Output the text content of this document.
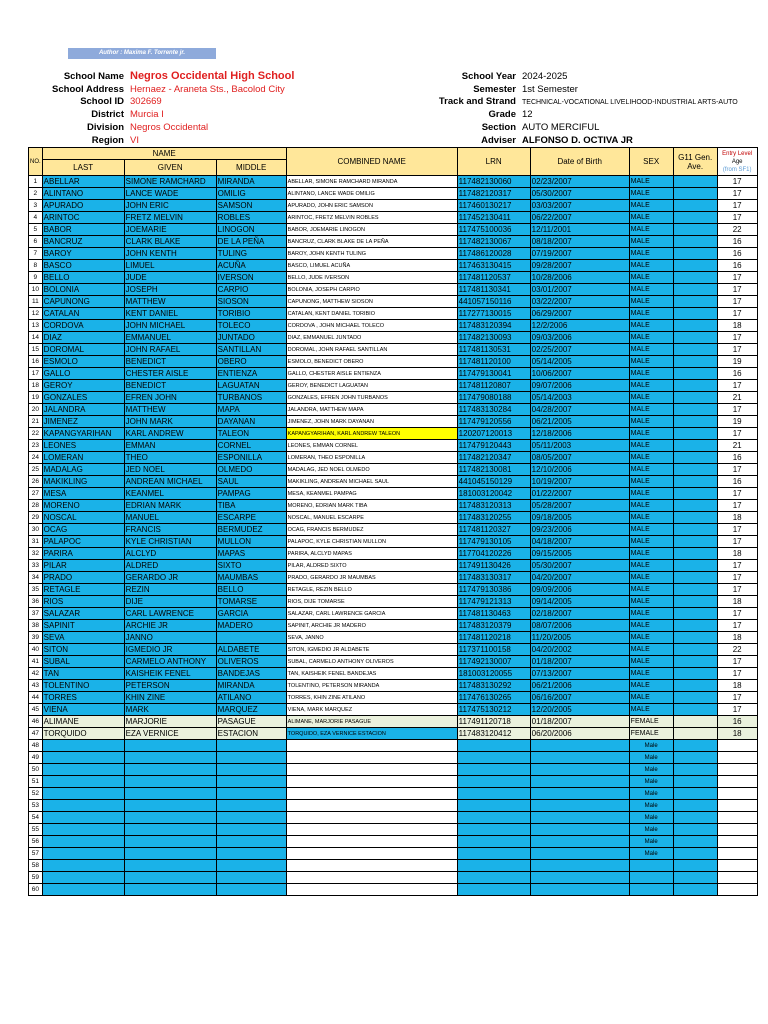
Author : Maxima F. Torrente jr.
School Name Negros Occidental High School
School Address Hernaez - Araneta Sts., Bacolod City
School ID 302669
District Murcia I
Division Negros Occidental
Region VI
School Year 2024-2025
Semester 1st Semester
Track and Strand TECHNICAL-VOCATIONAL LIVELIHOOD-INDUSTRIAL ARTS-AUTO
Grade 12
Section AUTO MERCIFUL
Adviser ALFONSO D. OCTIVA JR
NO.	NAME			COMBINED NAME	LRN	Date of Birth	SEX	G11 Gen.
Ave.	Entry Level
Age
(from SF1)
	LAST	GIVEN	MIDDLE						
1	ABELLAR	SIMONE RAMCHARD	MIRANDA	ABELLAR, SIMONE RAMCHARD MIRANDA	117482130060	02/23/2007	MALE		17
2	ALINTANO	LANCE WADE	OMILIG	ALINTANO, LANCE WADE OMILIG	117482120317	05/30/2007	MALE		17
3	APURADO	JOHN ERIC	SAMSON	APURADO, JOHN ERIC SAMSON	117460130217	03/03/2007	MALE		17
4	ARINTOC	FRETZ MELVIN	ROBLES	ARINTOC, FRETZ MELVIN ROBLES	117452130411	06/22/2007	MALE		17
5	BABOR	JOEMARIE	LINOGON	BABOR, JOEMARIE LINOGON	117475100036	12/11/2001	MALE		22
6	BANCRUZ	CLARK BLAKE	DE LA PEÑA	BANCRUZ, CLARK BLAKE DE LA PEÑA	117482130067	08/18/2007	MALE		16
7	BAROY	JOHN KENTH	TULING	BAROY, JOHN KENTH TULING	117486120028	07/19/2007	MALE		16
8	BASCO	LIMUEL	ACUÑA	BASCO, LIMUEL ACUÑA	117463130415	09/28/2007	MALE		16
9	BELLO	JUDE	IVERSON	BELLO, JUDE IVERSON	117481120537	10/28/2006	MALE		17
10	BOLONIA	JOSEPH	CARPIO	BOLONIA, JOSEPH CARPIO	117481130341	03/01/2007	MALE		17
11	CAPUNONG	MATTHEW	SIOSON	CAPUNONG, MATTHEW SIOSON	441057150116	03/22/2007	MALE		17
12	CATALAN	KENT DANIEL	TORIBIO	CATALAN, KENT DANIEL TORIBIO	117277130015	06/29/2007	MALE		17
13	CORDOVA	JOHN MICHAEL	TOLECO	CORDOVA , JOHN MICHAEL TOLECO	117483120394	12/2/2006	MALE		18
14	DIAZ	EMMANUEL	JUNTADO	DIAZ, EMMANUEL JUNTADO	117482130093	09/03/2006	MALE		17
15	DOROMAL	JOHN RAFAEL	SANTILLAN	DOROMAL, JOHN RAFAEL SANTILLAN	117481130531	02/25/2007	MALE		17
16	ESMOLO	BENEDICT	OBERO	ESMOLO, BENEDICT OBERO	117481120100	05/14/2005	MALE		19
17	GALLO	CHESTER AISLE	ENTIENZA	GALLO, CHESTER AISLE ENTIENZA	117479130041	10/06/2007	MALE		16
18	GEROY	BENEDICT	LAGUATAN	GEROY, BENEDICT LAGUATAN	117481120807	09/07/2006	MALE		17
19	GONZALES	EFREN JOHN	TURBANOS	GONZALES, EFREN JOHN TURBANOS	117479080188	05/14/2003	MALE		21
20	JALANDRA	MATTHEW	MAPA	JALANDRA, MATTHEW MAPA	117483130284	04/28/2007	MALE		17
21	JIMENEZ	JOHN MARK	DAYANAN	JIMENEZ, JOHN MARK DAYANAN	117479120556	06/21/2005	MALE		19
22	KAPANGYARIHAN	KARL ANDREW	TALEON	KAPANGYARIHAN, KARL ANDREW TALEON	120207120013	12/18/2006	MALE		17
23	LEONES	EMMAN	CORNEL	LEONES, EMMAN CORNEL	117479120443	05/11/2003	MALE		21
24	LOMERAN	THEO	ESPONILLA	LOMERAN, THEO ESPONILLA	117482120347	08/05/2007	MALE		16
25	MADALAG	JED NOEL	OLMEDO	MADALAG, JED NOEL OLMEDO	117482130081	12/10/2006	MALE		17
26	MAKIKLING	ANDREAN MICHAEL	SAUL	MAKIKLING, ANDREAN MICHAEL SAUL	441045150129	10/19/2007	MALE		16
27	MESA	KEANMEL	PAMPAG	MESA, KEANMEL PAMPAG	181003120042	01/22/2007	MALE		17
28	MORENO	EDRIAN MARK	TIBA	MORENO, EDRIAN MARK TIBA	117483120313	05/28/2007	MALE		17
29	NOSCAL	MANUEL	ESCARPE	NOSCAL, MANUEL ESCARPE	117483120255	09/18/2005	MALE		18
30	OCAG	FRANCIS	BERMUDEZ	OCAG, FRANCIS BERMUDEZ	117481120327	09/23/2006	MALE		17
31	PALAPOC	KYLE CHRISTIAN	MULLON	PALAPOC, KYLE CHRISTIAN MULLON	117479130105	04/18/2007	MALE		17
32	PARIRA	ALCLYD	MAPAS	PARIRA, ALCLYD MAPAS	117704120226	09/15/2005	MALE		18
33	PILAR	ALDRED	SIXTO	PILAR, ALDRED SIXTO	117491130426	05/30/2007	MALE		17
34	PRADO	GERARDO JR	MAUMBAS	PRADO, GERARDO JR MAUMBAS	117483130317	04/20/2007	MALE		17
35	RETAGLE	REZIN	BELLO	RETAGLE, REZIN BELLO	117479130386	09/09/2006	MALE		17
36	RIOS	DIJE	TOMARSE	RIOS, DIJE TOMARSE	117479121313	09/14/2005	MALE		18
37	SALAZAR	CARL LAWRENCE	GARCIA	SALAZAR, CARL LAWRENCE GARCIA	117481130463	02/18/2007	MALE		17
38	SAPINIT	ARCHIE JR	MADERO	SAPINIT, ARCHIE JR MADERO	117483120379	08/07/2006	MALE		17
39	SEVA	JANNO		SEVA, JANNO	117481120218	11/20/2005	MALE		18
40	SITON	IGMEDIO JR	ALDABETE	SITON, IGMEDIO JR ALDABETE	117371100158	04/20/2002	MALE		22
41	SUBAL	CARMELO ANTHONY	OLIVEROS	SUBAL, CARMELO ANTHONY OLIVEROS	117492130007	01/18/2007	MALE		17
42	TAN	KAISHEIK FENEL	BANDEJAS	TAN, KAISHEIK FENEL BANDEJAS	181003120055	07/13/2007	MALE		17
43	TOLENTINO	PETERSON	MIRANDA	TOLENTINO, PETERSON MIRANDA	117483130292	06/21/2006	MALE		18
44	TORRES	KHIN ZINE	ATILANO	TORRES, KHIN ZINE ATILANO	117476130265	06/16/2007	MALE		17
45	VIENA	MARK	MARQUEZ	VIENA, MARK MARQUEZ	117475130212	12/20/2005	MALE		17
46	ALIMANE	MARJORIE	PASAGUE	ALIMANE, MARJORIE PASAGUE	117491120718	01/18/2007	FEMALE		16
47	TORQUIDO	EZA VERNICE	ESTACION	TORQUIDO, EZA VERNICE ESTACION	117483120412	06/20/2006	FEMALE		18
48							Male		
49							Male		
50							Male		
51							Male		
52							Male		
53							Male		
54							Male		
55							Male		
56							Male		
57							Male		
58									
59									
60									
